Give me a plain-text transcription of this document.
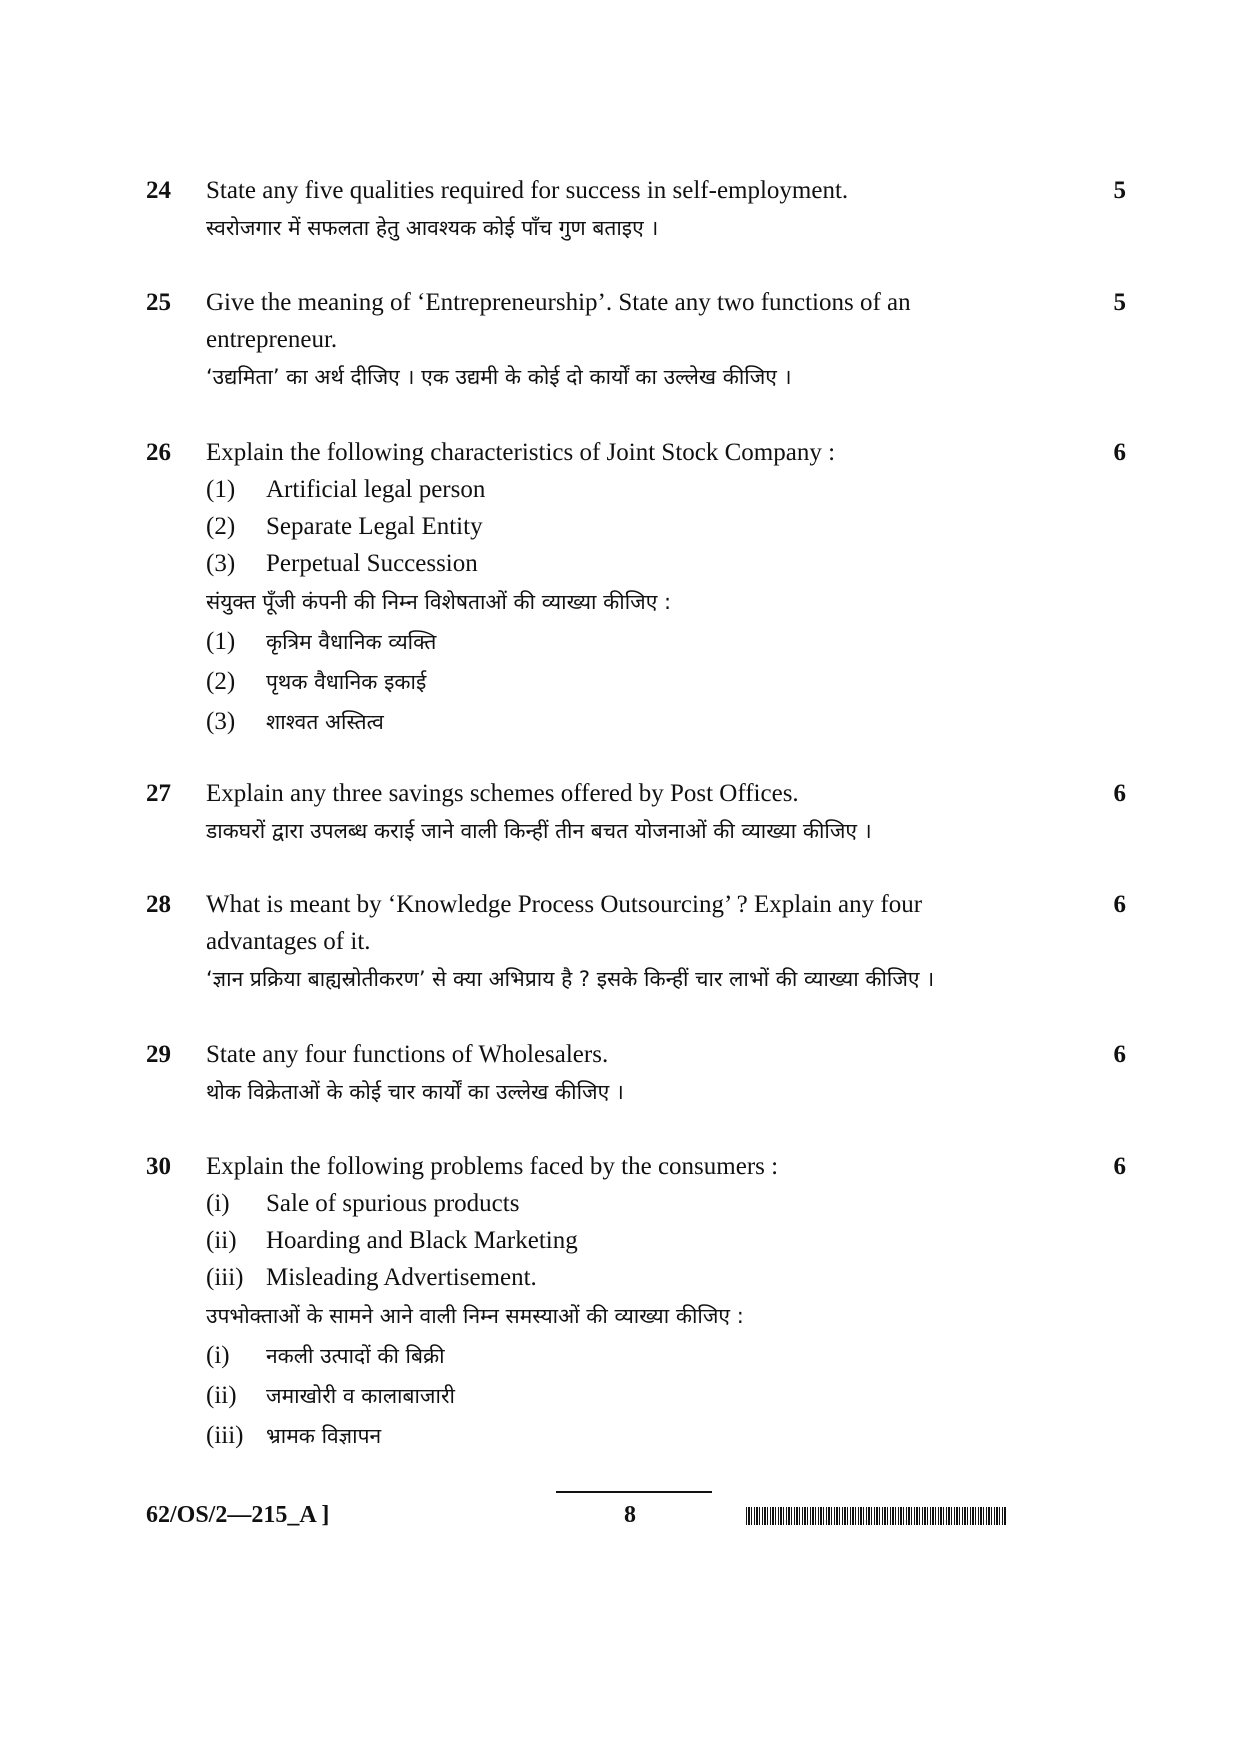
24	State any five qualities required for success in self-employment.

स्वरोजगार में सफलता हेतु आवश्यक कोई पाँच गुण बताइए ।

5
25	Give the meaning of ‘Entrepreneurship’. State any two functions of an

entrepreneur.

‘उद्यमिता’ का अर्थ दीजिए । एक उद्यमी के कोई दो कार्यों का उल्लेख कीजिए ।

5
26	Explain the following characteristics of Joint Stock Company :

(1)	Artificial legal person
(2)	Separate Legal Entity
(3)	Perpetual Succession

संयुक्त पूँजी कंपनी की निम्न विशेषताओं की व्याख्या कीजिए :

(1)	कृत्रिम वैधानिक व्यक्ति
(2)	पृथक वैधानिक इकाई
(3)	शाश्वत अस्तित्व
6
27	Explain any three savings schemes offered by Post Offices.

डाकघरों द्वारा उपलब्ध कराई जाने वाली किन्हीं तीन बचत योजनाओं की व्याख्या कीजिए ।

6
28	What is meant by ‘Knowledge Process Outsourcing’ ? Explain any four

advantages of it.

‘ज्ञान प्रक्रिया बाह्यस्रोतीकरण’ से क्या अभिप्राय है ? इसके किन्हीं चार लाभों की व्याख्या कीजिए ।

6
29	State any four functions of Wholesalers.

थोक विक्रेताओं के कोई चार कार्यों का उल्लेख कीजिए ।

6
30	Explain the following problems faced by the consumers :

(i)	Sale of spurious products
(ii)	Hoarding and Black Marketing
(iii) Misleading Advertisement.

उपभोक्ताओं के सामने आने वाली निम्न समस्याओं की व्याख्या कीजिए :

(i)	नकली उत्पादों की बिक्री
(ii)	जमाखोरी व कालाबाजारी
(iii)	भ्रामक विज्ञापन
6
62/OS/2—215_A ]	8
